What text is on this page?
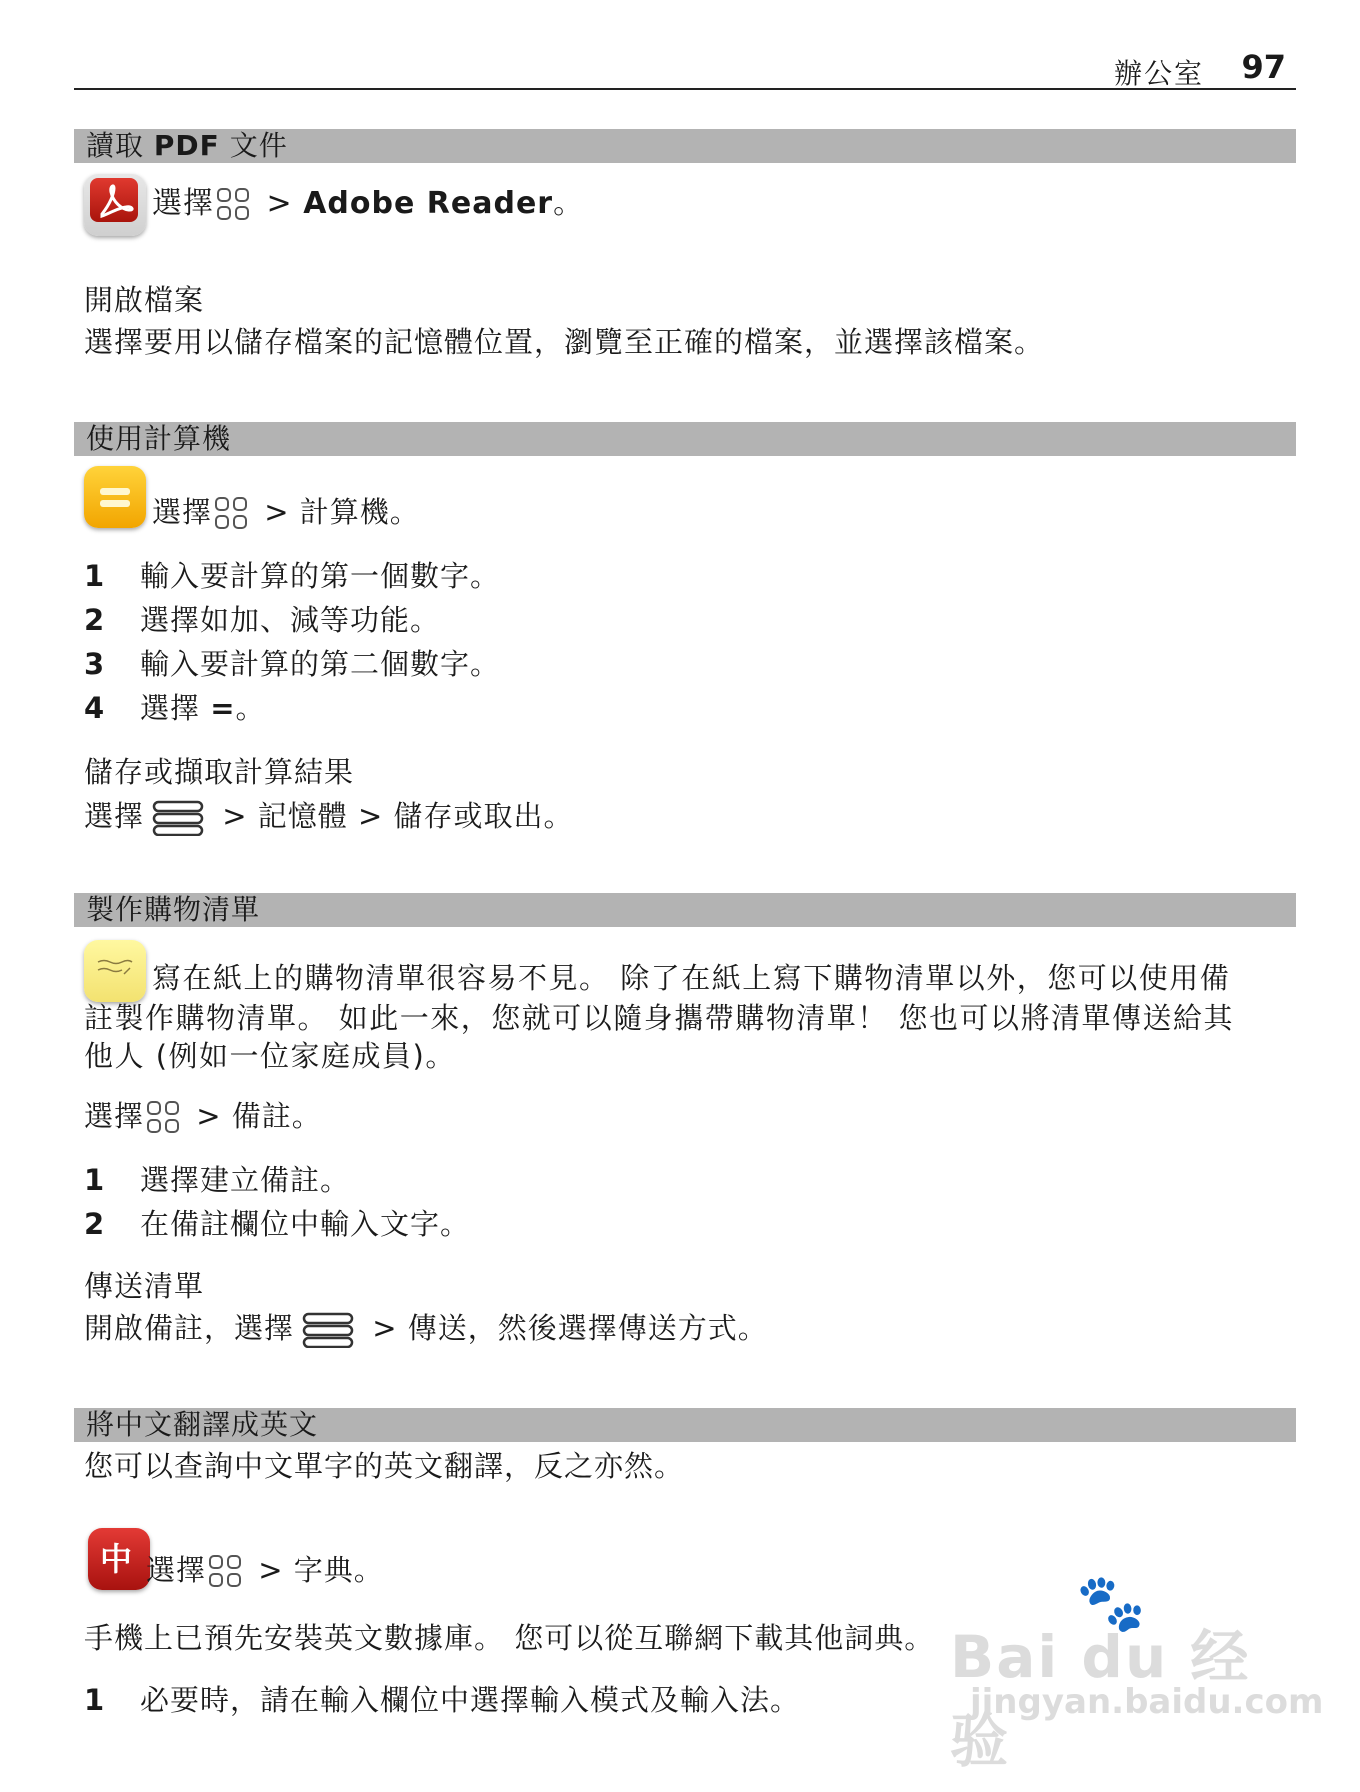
辦公室 97
讀取 PDF 文件
選擇 > Adobe Reader。
開啟檔案
選擇要用以儲存檔案的記憶體位置，瀏覽至正確的檔案，並選擇該檔案。
使用計算機
選擇 > 計算機。
1 輸入要計算的第一個數字。
2 選擇如加、減等功能。
3 輸入要計算的第二個數字。
4 選擇 =。
儲存或擷取計算結果
選擇 > 記憶體 > 儲存或取出。
製作購物清單
寫在紙上的購物清單很容易不見。 除了在紙上寫下購物清單以外，您可以使用備
註製作購物清單。 如此一來，您就可以隨身攜帶購物清單！ 您也可以將清單傳送給其
他人 (例如一位家庭成員)。
選擇 > 備註。
1 選擇建立備註。
2 在備註欄位中輸入文字。
傳送清單
開啟備註，選擇 > 傳送，然後選擇傳送方式。
將中文翻譯成英文
您可以查詢中文單字的英文翻譯，反之亦然。
中 選擇 > 字典。
手機上已預先安裝英文數據庫。 您可以從互聯網下載其他詞典。
1 必要時，請在輸入欄位中選擇輸入模式及輸入法。
🐾
Bai du 经验
jingyan.baidu.com
